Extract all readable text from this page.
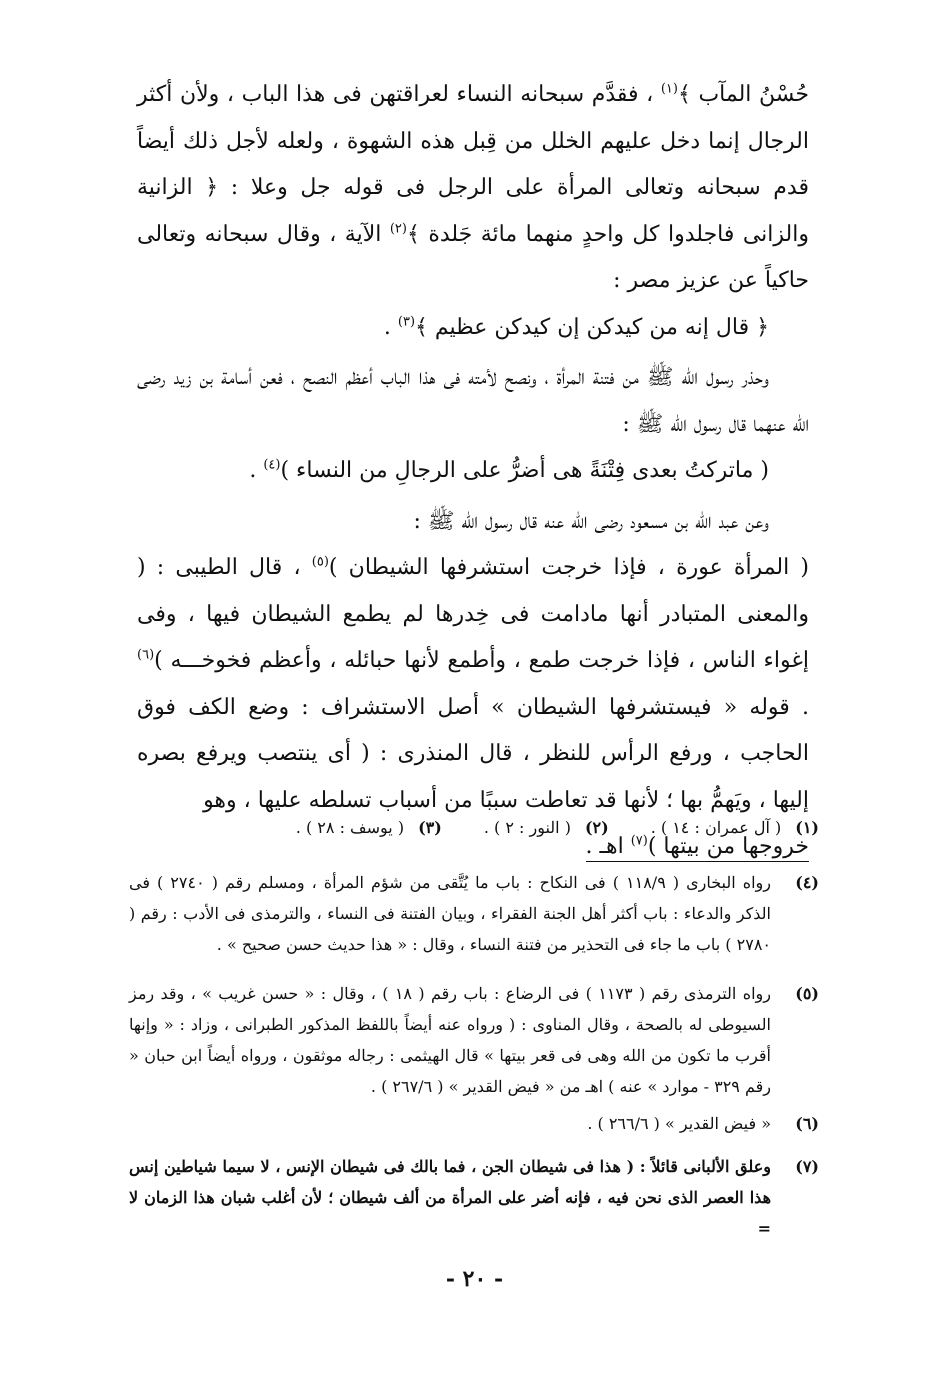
حُسْنُ المآب ﴾$^{(١)}$ ، فقدَّم سبحانه النساء لعراقتهن فى هذا الباب ، ولأن أكثر الرجال إنما دخل عليهم الخلل من قِبل هذه الشهوة ، ولعله لأجل ذلك أيضاً قدم سبحانه وتعالى المرأة على الرجل فى قوله جل وعلا : ﴿ الزانية والزانى فاجلدوا كل واحدٍ منهما مائة جَلدة ﴾$^{(٢)}$ الآية ، وقال سبحانه وتعالى حاكياً عن عزيز مصر :

﴿ قال إنه من كيدكن إن كيدكن عظيم ﴾$^{(٣)}$ .

وحذر رسول الله ﷺ من فتنة المرأة ، ونصح لأمته فى هذا الباب أعظم النصح ، فعن أسامة بن زيد رضى الله عنهما قال رسول الله ﷺ :

( ماتركتُ بعدى فِتْنَةً هى أضرُّ على الرجالِ من النساء )$^{(٤)}$ .

وعن عبد الله بن مسعود رضى الله عنه قال رسول الله ﷺ :

( المرأة عورة ، فإذا خرجت استشرفها الشيطان )$^{(٥)}$ ، قال الطيبى : ( والمعنى المتبادر أنها مادامت فى خِدرها لم يطمع الشيطان فيها ، وفى إغواء الناس ، فإذا خرجت طمع ، وأطمع لأنها حبائله ، وأعظم فخوخـــه )$^{(٦)}$ . قوله « فيستشرفها الشيطان » أصل الاستشراف : وضع الكف فوق الحاجب ، ورفع الرأس للنظر ، قال المنذرى : ( أى ينتصب ويرفع بصره إليها ، ويَهمُّ بها ؛ لأنها قد تعاطت سببًا من أسباب تسلطه عليها ، وهو

خروجها من بيتها )$^{(٧)}$ اهـ .

(١)
( آل عمران : ١٤ ) .
(٢)
( النور : ٢ ) .
(٣)
( يوسف : ٢٨ ) .
(٤)
رواه البخارى ( ١١٨/٩ ) فى النكاح : باب ما يُتَّقى من شؤم المرأة ، ومسلم رقم ( ٢٧٤٠ ) فى الذكر والدعاء : باب أكثر أهل الجنة الفقراء ، وبيان الفتنة فى النساء ، والترمذى فى الأدب : رقم ( ٢٧٨٠ ) باب ما جاء فى التحذير من فتنة النساء ، وقال : « هذا حديث حسن صحيح » .
(٥)
رواه الترمذى رقم ( ١١٧٣ ) فى الرضاع : باب رقم ( ١٨ ) ، وقال : « حسن غريب » ، وقد رمز السيوطى له بالصحة ، وقال المناوى : ( ورواه عنه أيضاً باللفظ المذكور الطبرانى ، وزاد : « وإنها أقرب ما تكون من الله وهى فى قعر بيتها » قال الهيثمى : رجاله موثقون ، ورواه أيضاً ابن حبان « رقم ٣٢٩ - موارد » عنه ) اهـ من « فيض القدير » ( ٢٦٧/٦ ) .
(٦)
« فيض القدير » ( ٢٦٦/٦ ) .
(٧)
وعلق الألبانى قائلاً : ( هذا فى شيطان الجن ، فما بالك فى شيطان الإنس ، لا سيما شياطين إنس هذا العصر الذى نحن فيه ، فإنه أضر على المرأة من ألف شيطان ؛ لأن أغلب شبان هذا الزمان لا =
- ٢٠ -
